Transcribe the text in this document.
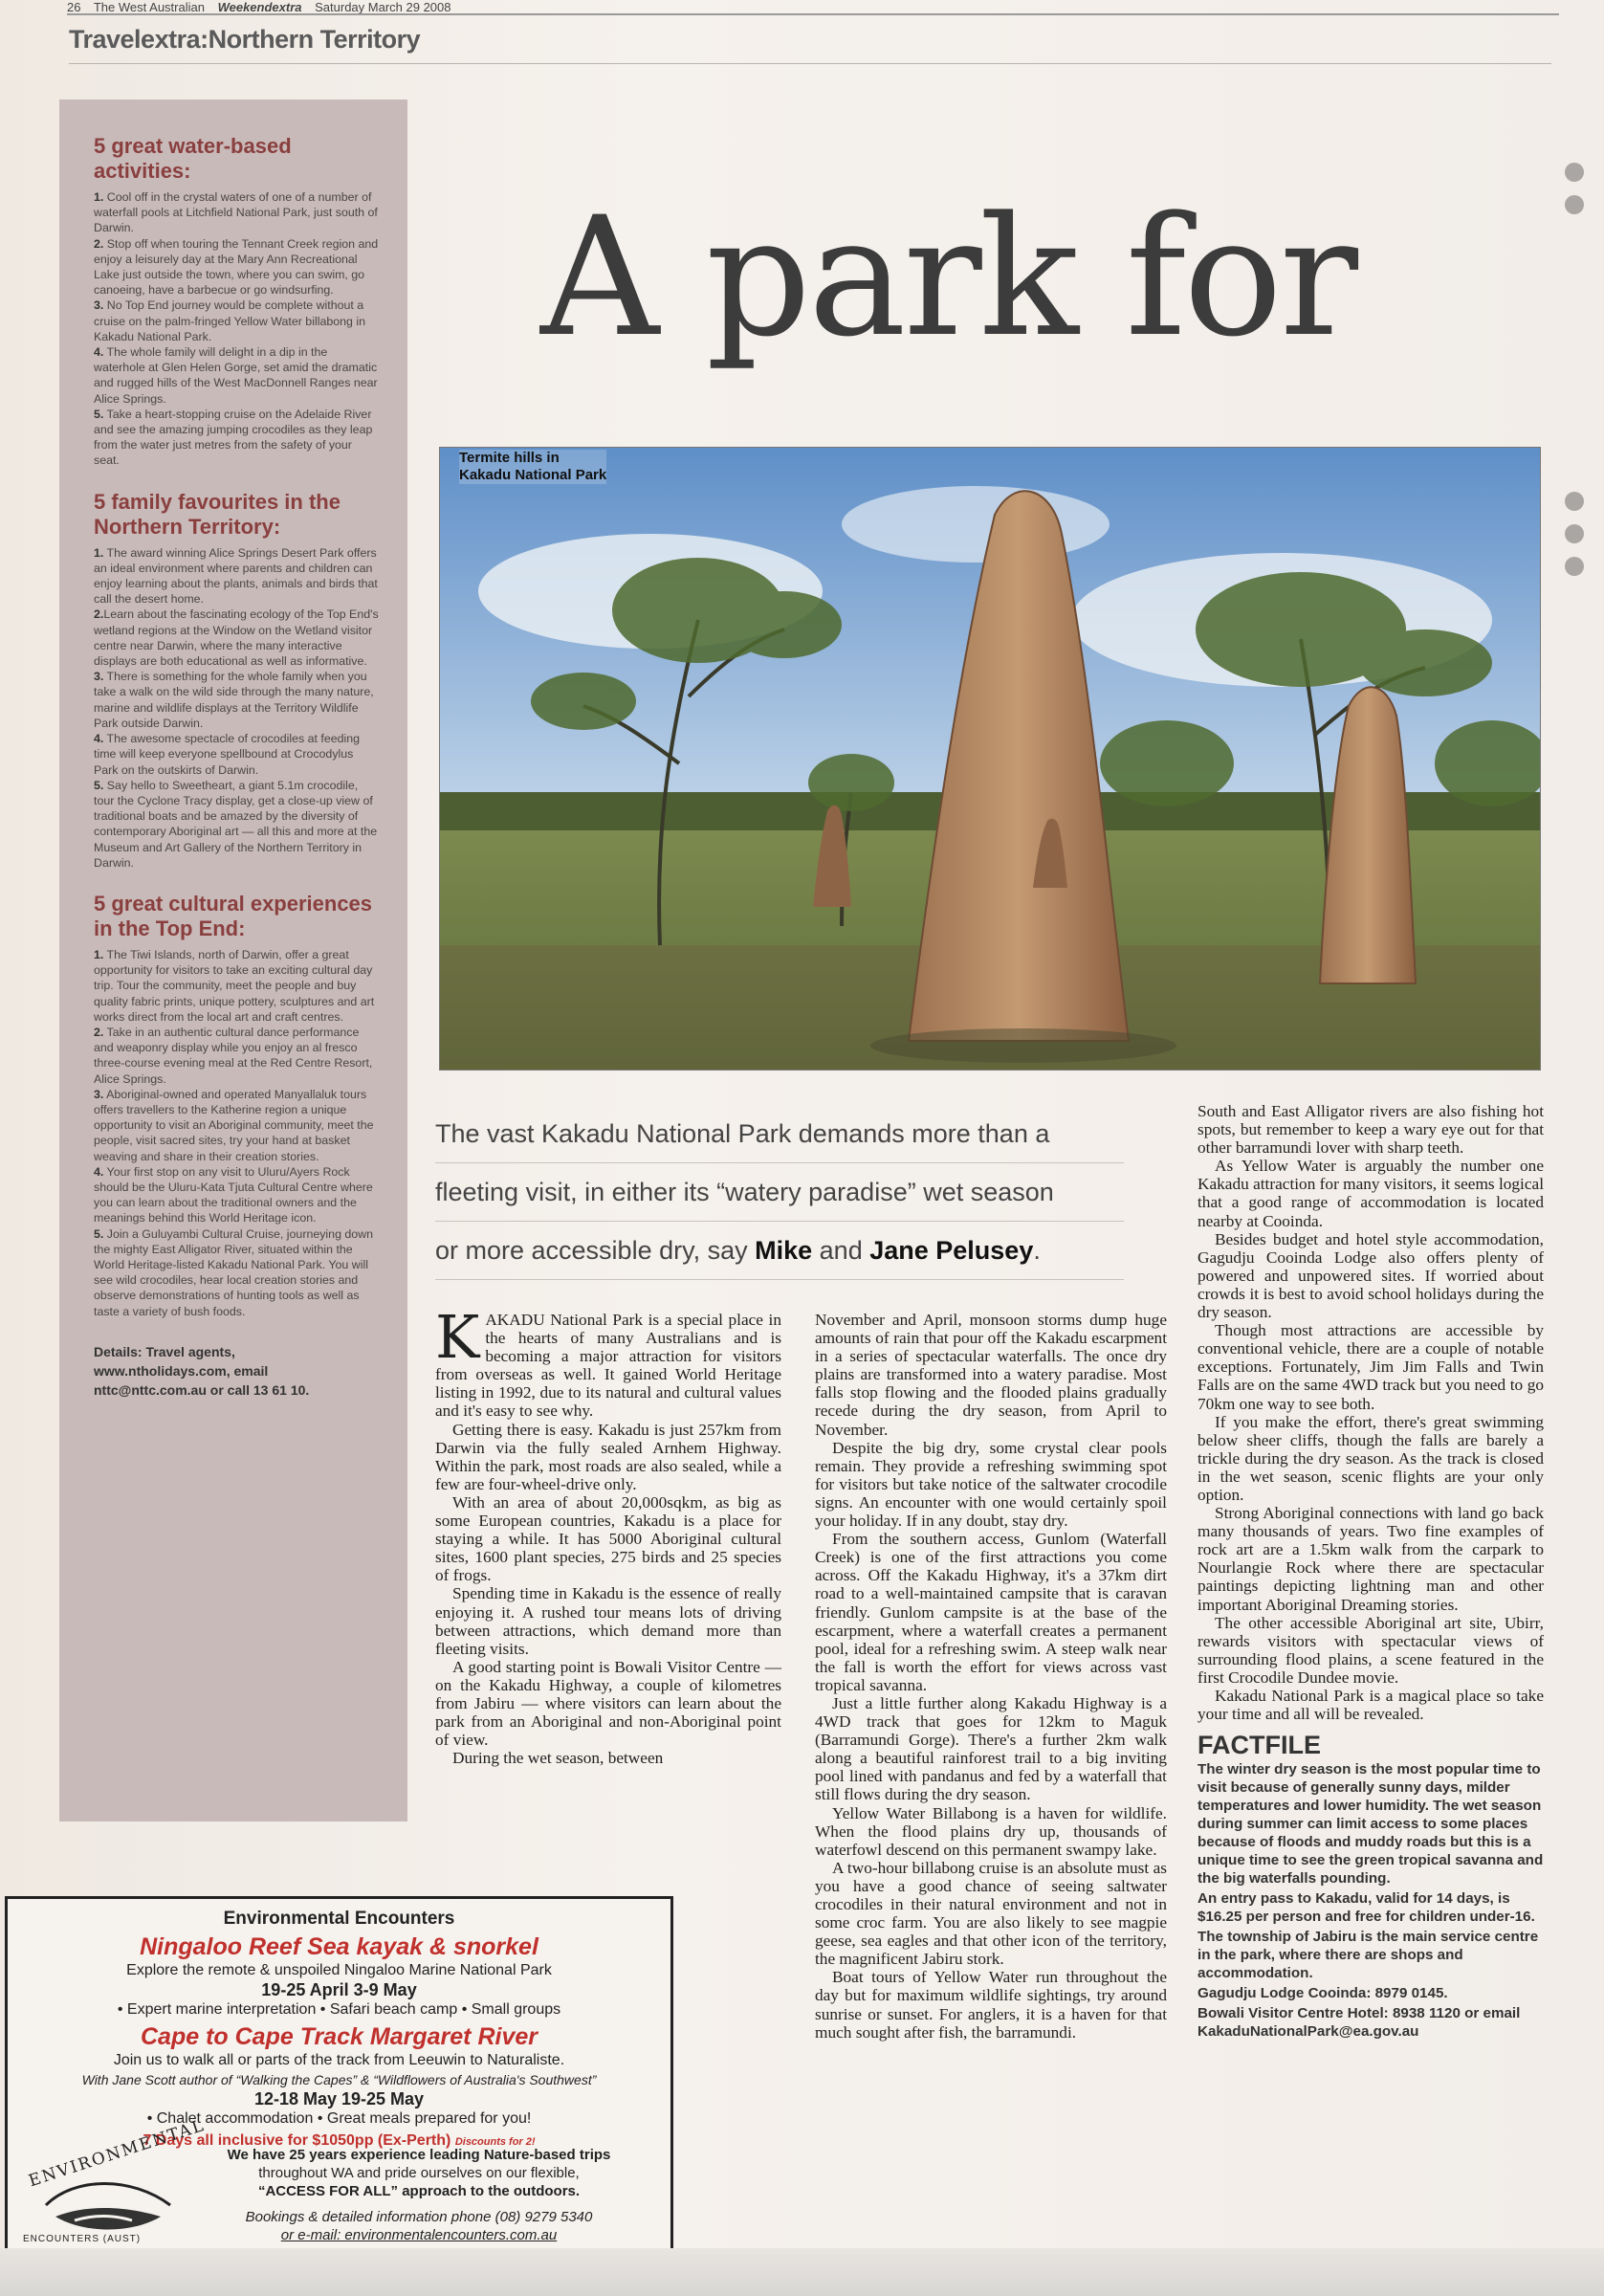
26 The West Australian Weekendextra Saturday March 29 2008
Travelextra:Northern Territory
5 great water-based activities:

1. Cool off in the crystal waters of one of a number of waterfall pools at Litchfield National Park, just south of Darwin.

2. Stop off when touring the Tennant Creek region and enjoy a leisurely day at the Mary Ann Recreational Lake just outside the town, where you can swim, go canoeing, have a barbecue or go windsurfing.

3. No Top End journey would be complete without a cruise on the palm-fringed Yellow Water billabong in Kakadu National Park.

4. The whole family will delight in a dip in the waterhole at Glen Helen Gorge, set amid the dramatic and rugged hills of the West MacDonnell Ranges near Alice Springs.

5. Take a heart-stopping cruise on the Adelaide River and see the amazing jumping crocodiles as they leap from the water just metres from the safety of your seat.

5 family favourites in the Northern Territory:

1. The award winning Alice Springs Desert Park offers an ideal environment where parents and children can enjoy learning about the plants, animals and birds that call the desert home.

2.Learn about the fascinating ecology of the Top End's wetland regions at the Window on the Wetland visitor centre near Darwin, where the many interactive displays are both educational as well as informative.

3. There is something for the whole family when you take a walk on the wild side through the many nature, marine and wildlife displays at the Territory Wildlife Park outside Darwin.

4. The awesome spectacle of crocodiles at feeding time will keep everyone spellbound at Crocodylus Park on the outskirts of Darwin.

5. Say hello to Sweetheart, a giant 5.1m crocodile, tour the Cyclone Tracy display, get a close-up view of traditional boats and be amazed by the diversity of contemporary Aboriginal art — all this and more at the Museum and Art Gallery of the Northern Territory in Darwin.

5 great cultural experiences in the Top End:

1. The Tiwi Islands, north of Darwin, offer a great opportunity for visitors to take an exciting cultural day trip. Tour the community, meet the people and buy quality fabric prints, unique pottery, sculptures and art works direct from the local art and craft centres.

2. Take in an authentic cultural dance performance and weaponry display while you enjoy an al fresco three-course evening meal at the Red Centre Resort, Alice Springs.

3. Aboriginal-owned and operated Manyallaluk tours offers travellers to the Katherine region a unique opportunity to visit an Aboriginal community, meet the people, visit sacred sites, try your hand at basket weaving and share in their creation stories.

4. Your first stop on any visit to Uluru/Ayers Rock should be the Uluru-Kata Tjuta Cultural Centre where you can learn about the traditional owners and the meanings behind this World Heritage icon.

5. Join a Guluyambi Cultural Cruise, journeying down the mighty East Alligator River, situated within the World Heritage-listed Kakadu National Park. You will see wild crocodiles, hear local creation stories and observe demonstrations of hunting tools as well as taste a variety of bush foods.

Details: Travel agents,
www.ntholidays.com, email
nttc@nttc.com.au or call 13 61 10.
A park for
Termite hills in
Kakadu National Park
The vast Kakadu National Park demands more than a
fleeting visit, in either its “watery paradise” wet season
or more accessible dry, say Mike and Jane Pelusey.
K AKADU National Park is a special place in the hearts of many Australians and is becoming a major attraction for visitors from overseas as well. It gained World Heritage listing in 1992, due to its natural and cultural values and it's easy to see why.

Getting there is easy. Kakadu is just 257km from Darwin via the fully sealed Arnhem Highway. Within the park, most roads are also sealed, while a few are four-wheel-drive only.

With an area of about 20,000sqkm, as big as some European countries, Kakadu is a place for staying a while. It has 5000 Aboriginal cultural sites, 1600 plant species, 275 birds and 25 species of frogs.

Spending time in Kakadu is the essence of really enjoying it. A rushed tour means lots of driving between attractions, which demand more than fleeting visits.

A good starting point is Bowali Visitor Centre — on the Kakadu Highway, a couple of kilometres from Jabiru — where visitors can learn about the park from an Aboriginal and non-Aboriginal point of view.

During the wet season, between

November and April, monsoon storms dump huge amounts of rain that pour off the Kakadu escarpment in a series of spectacular waterfalls. The once dry plains are transformed into a watery paradise. Most falls stop flowing and the flooded plains gradually recede during the dry season, from April to November.

Despite the big dry, some crystal clear pools remain. They provide a refreshing swimming spot for visitors but take notice of the saltwater crocodile signs. An encounter with one would certainly spoil your holiday. If in any doubt, stay dry.

From the southern access, Gunlom (Waterfall Creek) is one of the first attractions you come across. Off the Kakadu Highway, it's a 37km dirt road to a well-maintained campsite that is caravan friendly. Gunlom campsite is at the base of the escarpment, where a waterfall creates a permanent pool, ideal for a refreshing swim. A steep walk near the fall is worth the effort for views across vast tropical savanna.

Just a little further along Kakadu Highway is a 4WD track that goes for 12km to Maguk (Barramundi Gorge). There's a further 2km walk along a beautiful rainforest trail to a big inviting pool lined with pandanus and fed by a waterfall that still flows during the dry season.

Yellow Water Billabong is a haven for wildlife. When the flood plains dry up, thousands of waterfowl descend on this permanent swampy lake.

A two-hour billabong cruise is an absolute must as you have a good chance of seeing saltwater crocodiles in their natural environment and not in some croc farm. You are also likely to see magpie geese, sea eagles and that other icon of the territory, the magnificent Jabiru stork.

Boat tours of Yellow Water run throughout the day but for maximum wildlife sightings, try around sunrise or sunset. For anglers, it is a haven for that much sought after fish, the barramundi.

South and East Alligator rivers are also fishing hot spots, but remember to keep a wary eye out for that other barramundi lover with sharp teeth.

As Yellow Water is arguably the number one Kakadu attraction for many visitors, it seems logical that a good range of accommodation is located nearby at Cooinda.

Besides budget and hotel style accommodation, Gagudju Cooinda Lodge also offers plenty of powered and unpowered sites. If worried about crowds it is best to avoid school holidays during the dry season.

Though most attractions are accessible by conventional vehicle, there are a couple of notable exceptions. Fortunately, Jim Jim Falls and Twin Falls are on the same 4WD track but you need to go 70km one way to see both.

If you make the effort, there's great swimming below sheer cliffs, though the falls are barely a trickle during the dry season. As the track is closed in the wet season, scenic flights are your only option.

Strong Aboriginal connections with land go back many thousands of years. Two fine examples of rock art are a 1.5km walk from the carpark to Nourlangie Rock where there are spectacular paintings depicting lightning man and other important Aboriginal Dreaming stories.

The other accessible Aboriginal art site, Ubirr, rewards visitors with spectacular views of surrounding flood plains, a scene featured in the first Crocodile Dundee movie.

Kakadu National Park is a magical place so take your time and all will be revealed.

FACTFILE

The winter dry season is the most popular time to visit because of generally sunny days, milder temperatures and lower humidity. The wet season during summer can limit access to some places because of floods and muddy roads but this is a unique time to see the green tropical savanna and the big waterfalls pounding.

An entry pass to Kakadu, valid for 14 days, is $16.25 per person and free for children under-16.

The township of Jabiru is the main service centre in the park, where there are shops and accommodation.

Gagudju Lodge Cooinda: 8979 0145.

Bowali Visitor Centre Hotel: 8938 1120 or email KakaduNationalPark@ea.gov.au

Environmental Encounters
Ningaloo Reef Sea kayak & snorkel
Explore the remote & unspoiled Ningaloo Marine National Park
19-25 April 3-9 May
• Expert marine interpretation • Safari beach camp • Small groups
Cape to Cape Track Margaret River
Join us to walk all or parts of the track from Leeuwin to Naturaliste.
With Jane Scott author of “Walking the Capes” & “Wildflowers of Australia's Southwest”
12-18 May 19-25 May
• Chalet accommodation • Great meals prepared for you!
7 Days all inclusive for $1050pp (Ex-Perth) Discounts for 2!
ENVIRONMENTAL
ENCOUNTERS (AUST)
We have 25 years experience leading Nature-based trips
throughout WA and pride ourselves on our flexible,
“ACCESS FOR ALL” approach to the outdoors.
Bookings & detailed information phone (08) 9279 5340
or e-mail: environmentalencounters.com.au
